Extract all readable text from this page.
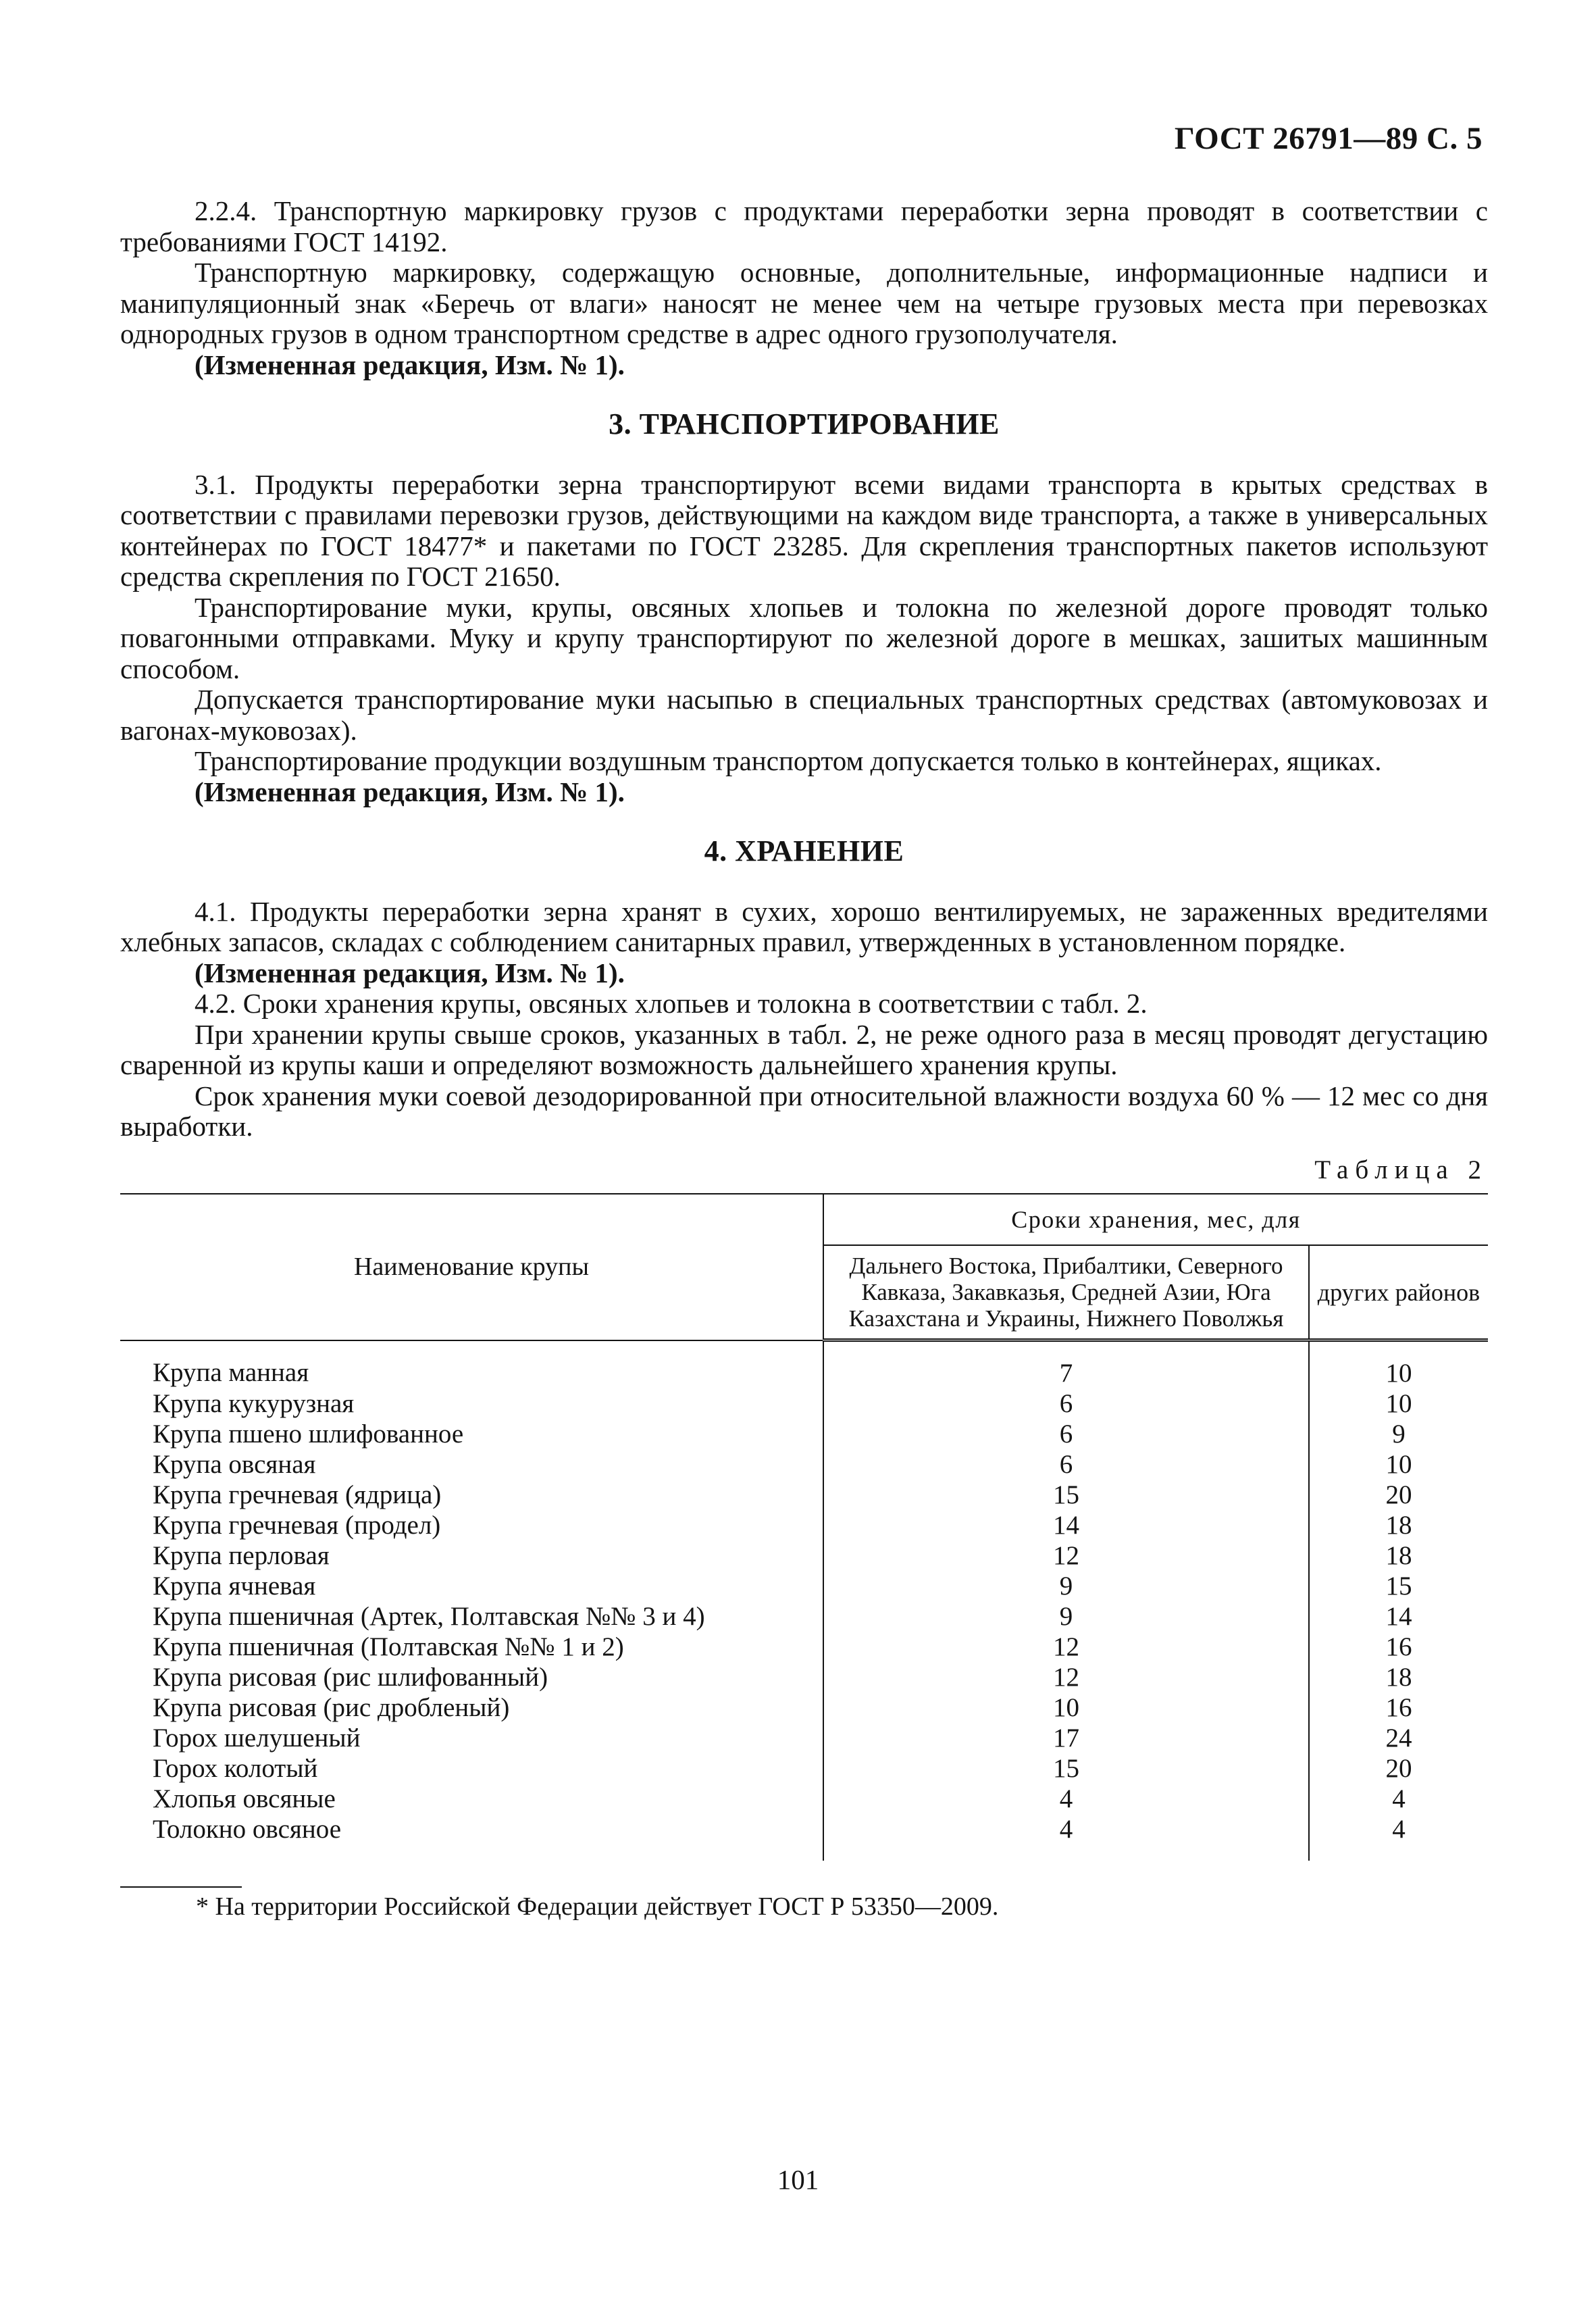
ГОСТ 26791—89 С. 5

2.2.4. Транспортную маркировку грузов с продуктами переработки зерна проводят в соответствии с требованиями ГОСТ 14192.

Транспортную маркировку, содержащую основные, дополнительные, информационные надписи и манипуляционный знак «Беречь от влаги» наносят не менее чем на четыре грузовых места при перевозках однородных грузов в одном транспортном средстве в адрес одного грузополучателя.

(Измененная редакция, Изм. № 1).

3. ТРАНСПОРТИРОВАНИЕ

3.1. Продукты переработки зерна транспортируют всеми видами транспорта в крытых средствах в соответствии с правилами перевозки грузов, действующими на каждом виде транспорта, а также в универсальных контейнерах по ГОСТ 18477* и пакетами по ГОСТ 23285. Для скрепления транспортных пакетов используют средства скрепления по ГОСТ 21650.

Транспортирование муки, крупы, овсяных хлопьев и толокна по железной дороге проводят только повагонными отправками. Муку и крупу транспортируют по железной дороге в мешках, зашитых машинным способом.

Допускается транспортирование муки насыпью в специальных транспортных средствах (автомуковозах и вагонах-муковозах).

Транспортирование продукции воздушным транспортом допускается только в контейнерах, ящиках.

(Измененная редакция, Изм. № 1).

4. ХРАНЕНИЕ

4.1. Продукты переработки зерна хранят в сухих, хорошо вентилируемых, не зараженных вредителями хлебных запасов, складах с соблюдением санитарных правил, утвержденных в установленном порядке.

(Измененная редакция, Изм. № 1).

4.2. Сроки хранения крупы, овсяных хлопьев и толокна в соответствии с табл. 2.

При хранении крупы свыше сроков, указанных в табл. 2, не реже одного раза в месяц проводят дегустацию сваренной из крупы каши и определяют возможность дальнейшего хранения крупы.

Срок хранения муки соевой дезодорированной при относительной влажности воздуха 60 % — 12 мес со дня выработки.

Таблица 2
Наименование крупы	Сроки хранения, мес, для	
	Дальнего Востока, Прибалтики, Северного Кавказа, Закавказья, Средней Азии, Юга Казахстана и Украины, Нижнего Поволжья	других районов
Крупа манная	7	10
Крупа кукурузная	6	10
Крупа пшено шлифованное	6	9
Крупа овсяная	6	10
Крупа гречневая (ядрица)	15	20
Крупа гречневая (продел)	14	18
Крупа перловая	12	18
Крупа ячневая	9	15
Крупа пшеничная (Артек, Полтавская №№ 3 и 4)	9	14
Крупа пшеничная (Полтавская №№ 1 и 2)	12	16
Крупа рисовая (рис шлифованный)	12	18
Крупа рисовая (рис дробленый)	10	16
Горох шелушеный	17	24
Горох колотый	15	20
Хлопья овсяные	4	4
Толокно овсяное	4	4
* На территории Российской Федерации действует ГОСТ Р 53350—2009.
101
